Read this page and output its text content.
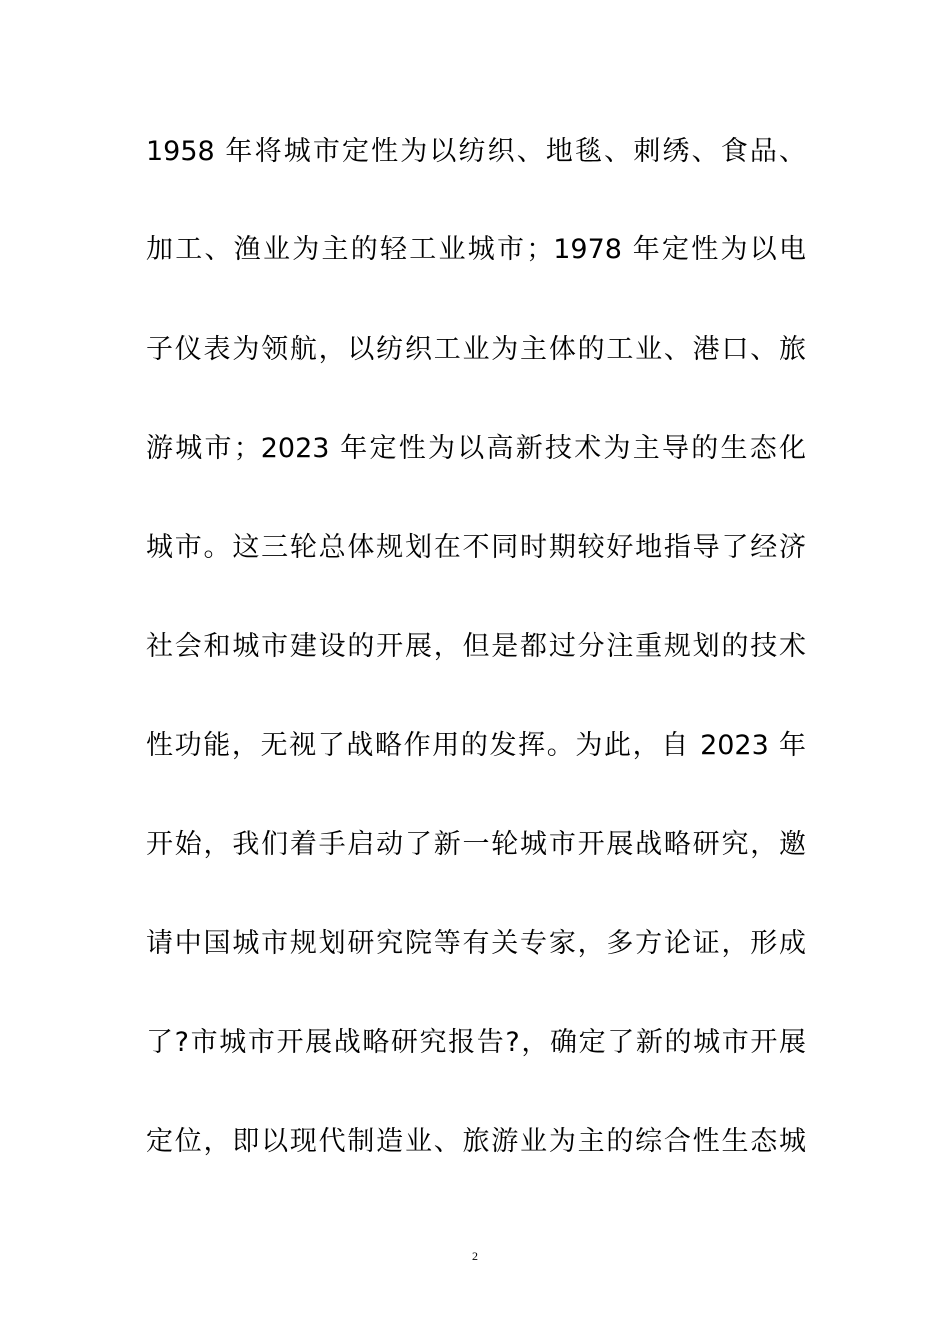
1958 年将城市定性为以纺织、地毯、刺绣、食品、
加工、渔业为主的轻工业城市；1978 年定性为以电
子仪表为领航，以纺织工业为主体的工业、港口、旅
游城市；2023 年定性为以高新技术为主导的生态化
城市。这三轮总体规划在不同时期较好地指导了经济
社会和城市建设的开展，但是都过分注重规划的技术
性功能，无视了战略作用的发挥。为此，自 2023 年
开始，我们着手启动了新一轮城市开展战略研究，邀
请中国城市规划研究院等有关专家，多方论证，形成
了?市城市开展战略研究报告?，确定了新的城市开展
定位，即以现代制造业、旅游业为主的综合性生态城
2
